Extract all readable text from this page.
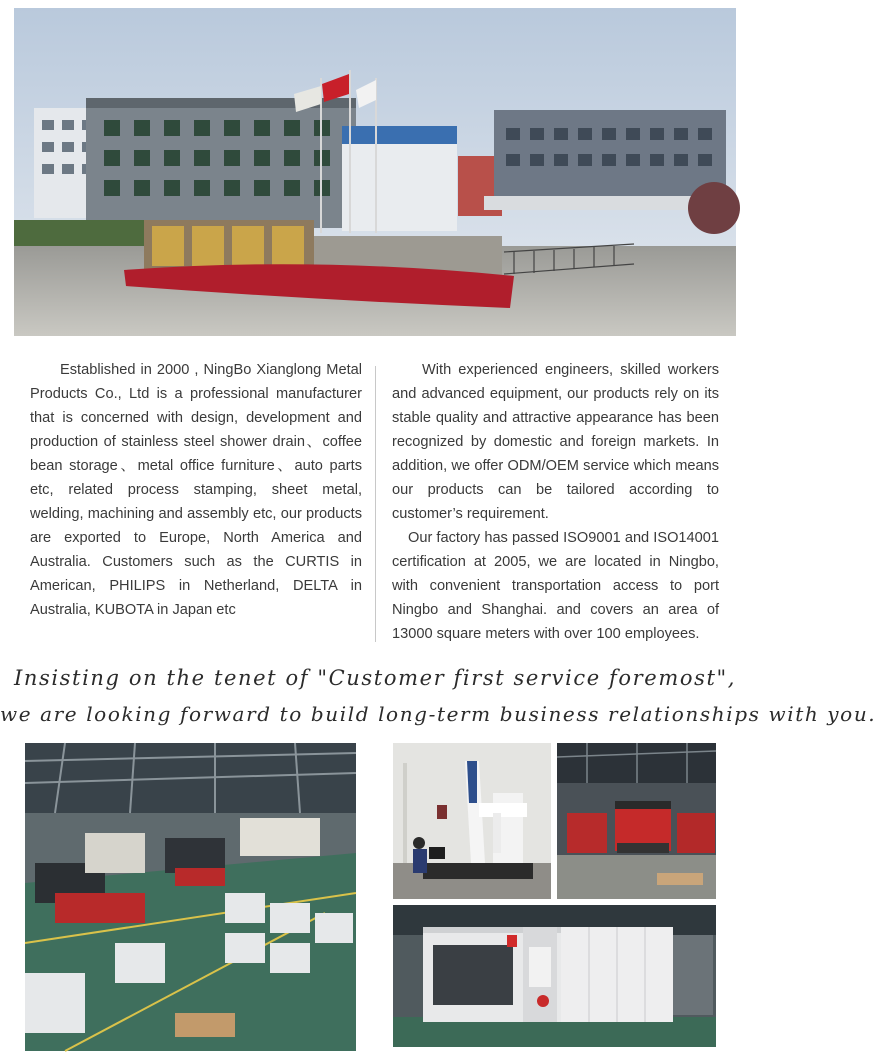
Established in 2000 , NingBo Xianglong Metal Products Co., Ltd is a professional manufacturer that is concerned with design, development and production of stainless steel shower drain、coffee bean storage、metal office furniture、auto parts etc, related process stamping, sheet metal, welding, machining and assembly etc, our products are exported to Europe, North America and Australia. Customers such as the CURTIS in American, PHILIPS in Netherland, DELTA in Australia, KUBOTA in Japan etc

With experienced engineers, skilled workers and advanced equipment, our products rely on its stable quality and attractive appearance has been recognized by domestic and foreign markets. In addition, we offer ODM/OEM service which means our products can be tailored according to customer’s requirement.

Our factory has passed ISO9001 and ISO14001 certification at 2005, we are located in Ningbo, with convenient transportation access to port Ningbo and Shanghai. and covers an area of 13000 square meters with over 100 employees.

Insisting on the tenet of "Customer first service foremost",
we are looking forward to build long-term business relationships with you.
